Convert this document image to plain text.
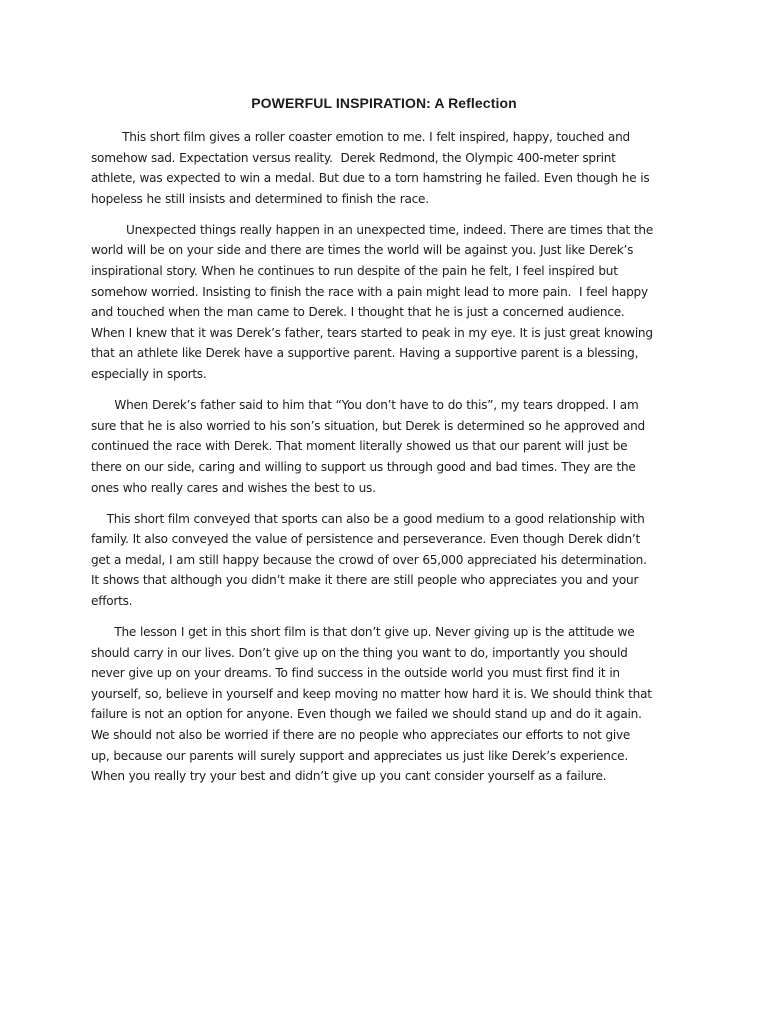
POWERFUL INSPIRATION: A Reflection

This short film gives a roller coaster emotion to me. I felt inspired, happy, touched and
somehow sad. Expectation versus reality.  Derek Redmond, the Olympic 400-meter sprint
athlete, was expected to win a medal. But due to a torn hamstring he failed. Even though he is
hopeless he still insists and determined to finish the race.

Unexpected things really happen in an unexpected time, indeed. There are times that the
world will be on your side and there are times the world will be against you. Just like Derek’s
inspirational story. When he continues to run despite of the pain he felt, I feel inspired but
somehow worried. Insisting to finish the race with a pain might lead to more pain.  I feel happy
and touched when the man came to Derek. I thought that he is just a concerned audience.
When I knew that it was Derek’s father, tears started to peak in my eye. It is just great knowing
that an athlete like Derek have a supportive parent. Having a supportive parent is a blessing,
especially in sports.

When Derek’s father said to him that “You don’t have to do this”, my tears dropped. I am
sure that he is also worried to his son’s situation, but Derek is determined so he approved and
continued the race with Derek. That moment literally showed us that our parent will just be
there on our side, caring and willing to support us through good and bad times. They are the
ones who really cares and wishes the best to us.

This short film conveyed that sports can also be a good medium to a good relationship with
family. It also conveyed the value of persistence and perseverance. Even though Derek didn’t
get a medal, I am still happy because the crowd of over 65,000 appreciated his determination.
It shows that although you didn’t make it there are still people who appreciates you and your
efforts.

The lesson I get in this short film is that don’t give up. Never giving up is the attitude we
should carry in our lives. Don’t give up on the thing you want to do, importantly you should
never give up on your dreams. To find success in the outside world you must first find it in
yourself, so, believe in yourself and keep moving no matter how hard it is. We should think that
failure is not an option for anyone. Even though we failed we should stand up and do it again.
We should not also be worried if there are no people who appreciates our efforts to not give
up, because our parents will surely support and appreciates us just like Derek’s experience.
When you really try your best and didn’t give up you cant consider yourself as a failure.
